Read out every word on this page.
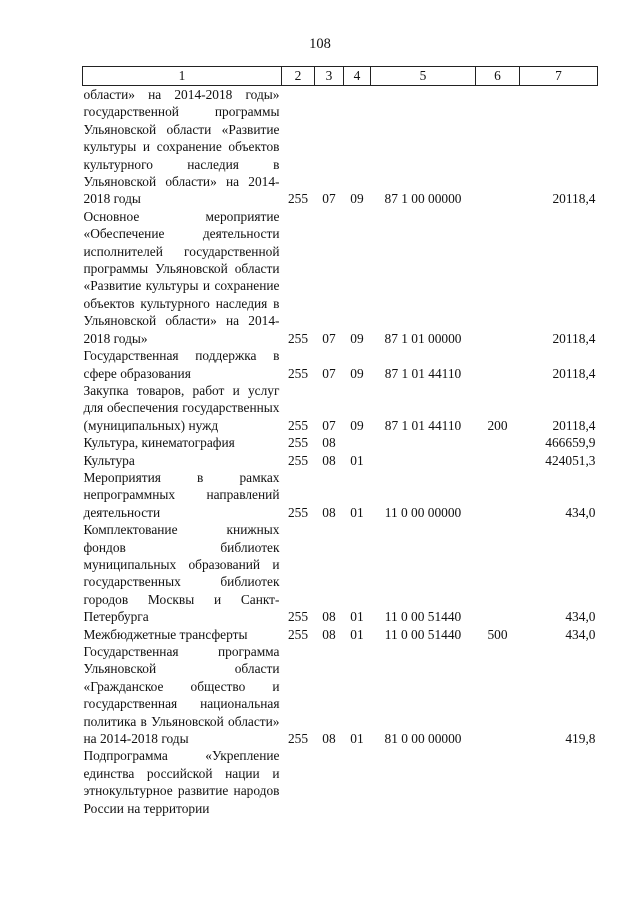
108
1	2	3	4	5	6	7
области» на 2014-2018 годы» государственной программы Ульяновской области «Развитие культуры и сохранение объектов культурного наследия в Ульяновской области» на 2014-2018 годы	255	07	09	87 1 00 00000		20118,4
Основное мероприятие «Обеспечение деятельности исполнителей государственной программы Ульяновской области «Развитие культуры и сохранение объектов культурного наследия в Ульяновской области» на 2014-2018 годы»	255	07	09	87 1 01 00000		20118,4
Государственная поддержка в сфере образования	255	07	09	87 1 01 44110		20118,4
Закупка товаров, работ и услуг для обеспечения государственных (муниципальных) нужд	255	07	09	87 1 01 44110	200	20118,4
Культура, кинематография	255	08				466659,9
Культура	255	08	01			424051,3
Мероприятия в рамках непрограммных направлений деятельности	255	08	01	11 0 00 00000		434,0
Комплектование книжных фондов библиотек муниципальных образований и государственных библиотек городов Москвы и Санкт-Петербурга	255	08	01	11 0 00 51440		434,0
Межбюджетные трансферты	255	08	01	11 0 00 51440	500	434,0
Государственная программа Ульяновской области «Гражданское общество и государственная национальная политика в Ульяновской области» на 2014-2018 годы	255	08	01	81 0 00 00000		419,8
Подпрограмма «Укрепление единства российской нации и этнокультурное развитие народов России на территории						
